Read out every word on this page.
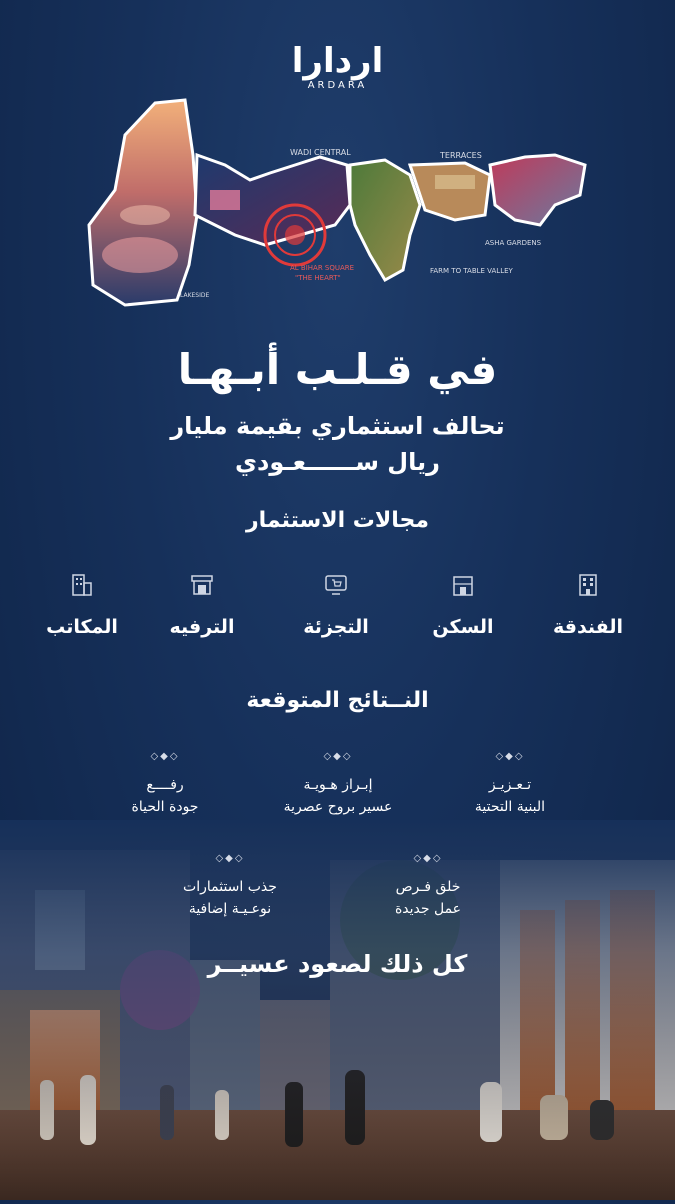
اردارا
ARDARA
WADI CENTRAL	TERRACES
AL BIHAR SQUARE
"THE HEART"
FARM TO TABLE VALLEY
ASHA GARDENS
LAKESIDE
في قـلـب أبـهـا
تحالف استثماري بقيمة مليار
ريال ســــــعـودي
مجالات الاستثمار
الفندقة
السكن
التجزئة
الترفيه
المكاتب
النــتائج المتوقعة
◇◆◇
تـعـزيـز
البنية التحتية
◇◆◇
إبـراز هـويـة
عسير بروح عصرية
◇◆◇
رفــــع
جودة الحياة
◇◆◇
خلق فـرص
عمل جديدة
◇◆◇
جذب استثمارات
نوعـيـة إضافية
كل ذلك لصعود عسيــر
